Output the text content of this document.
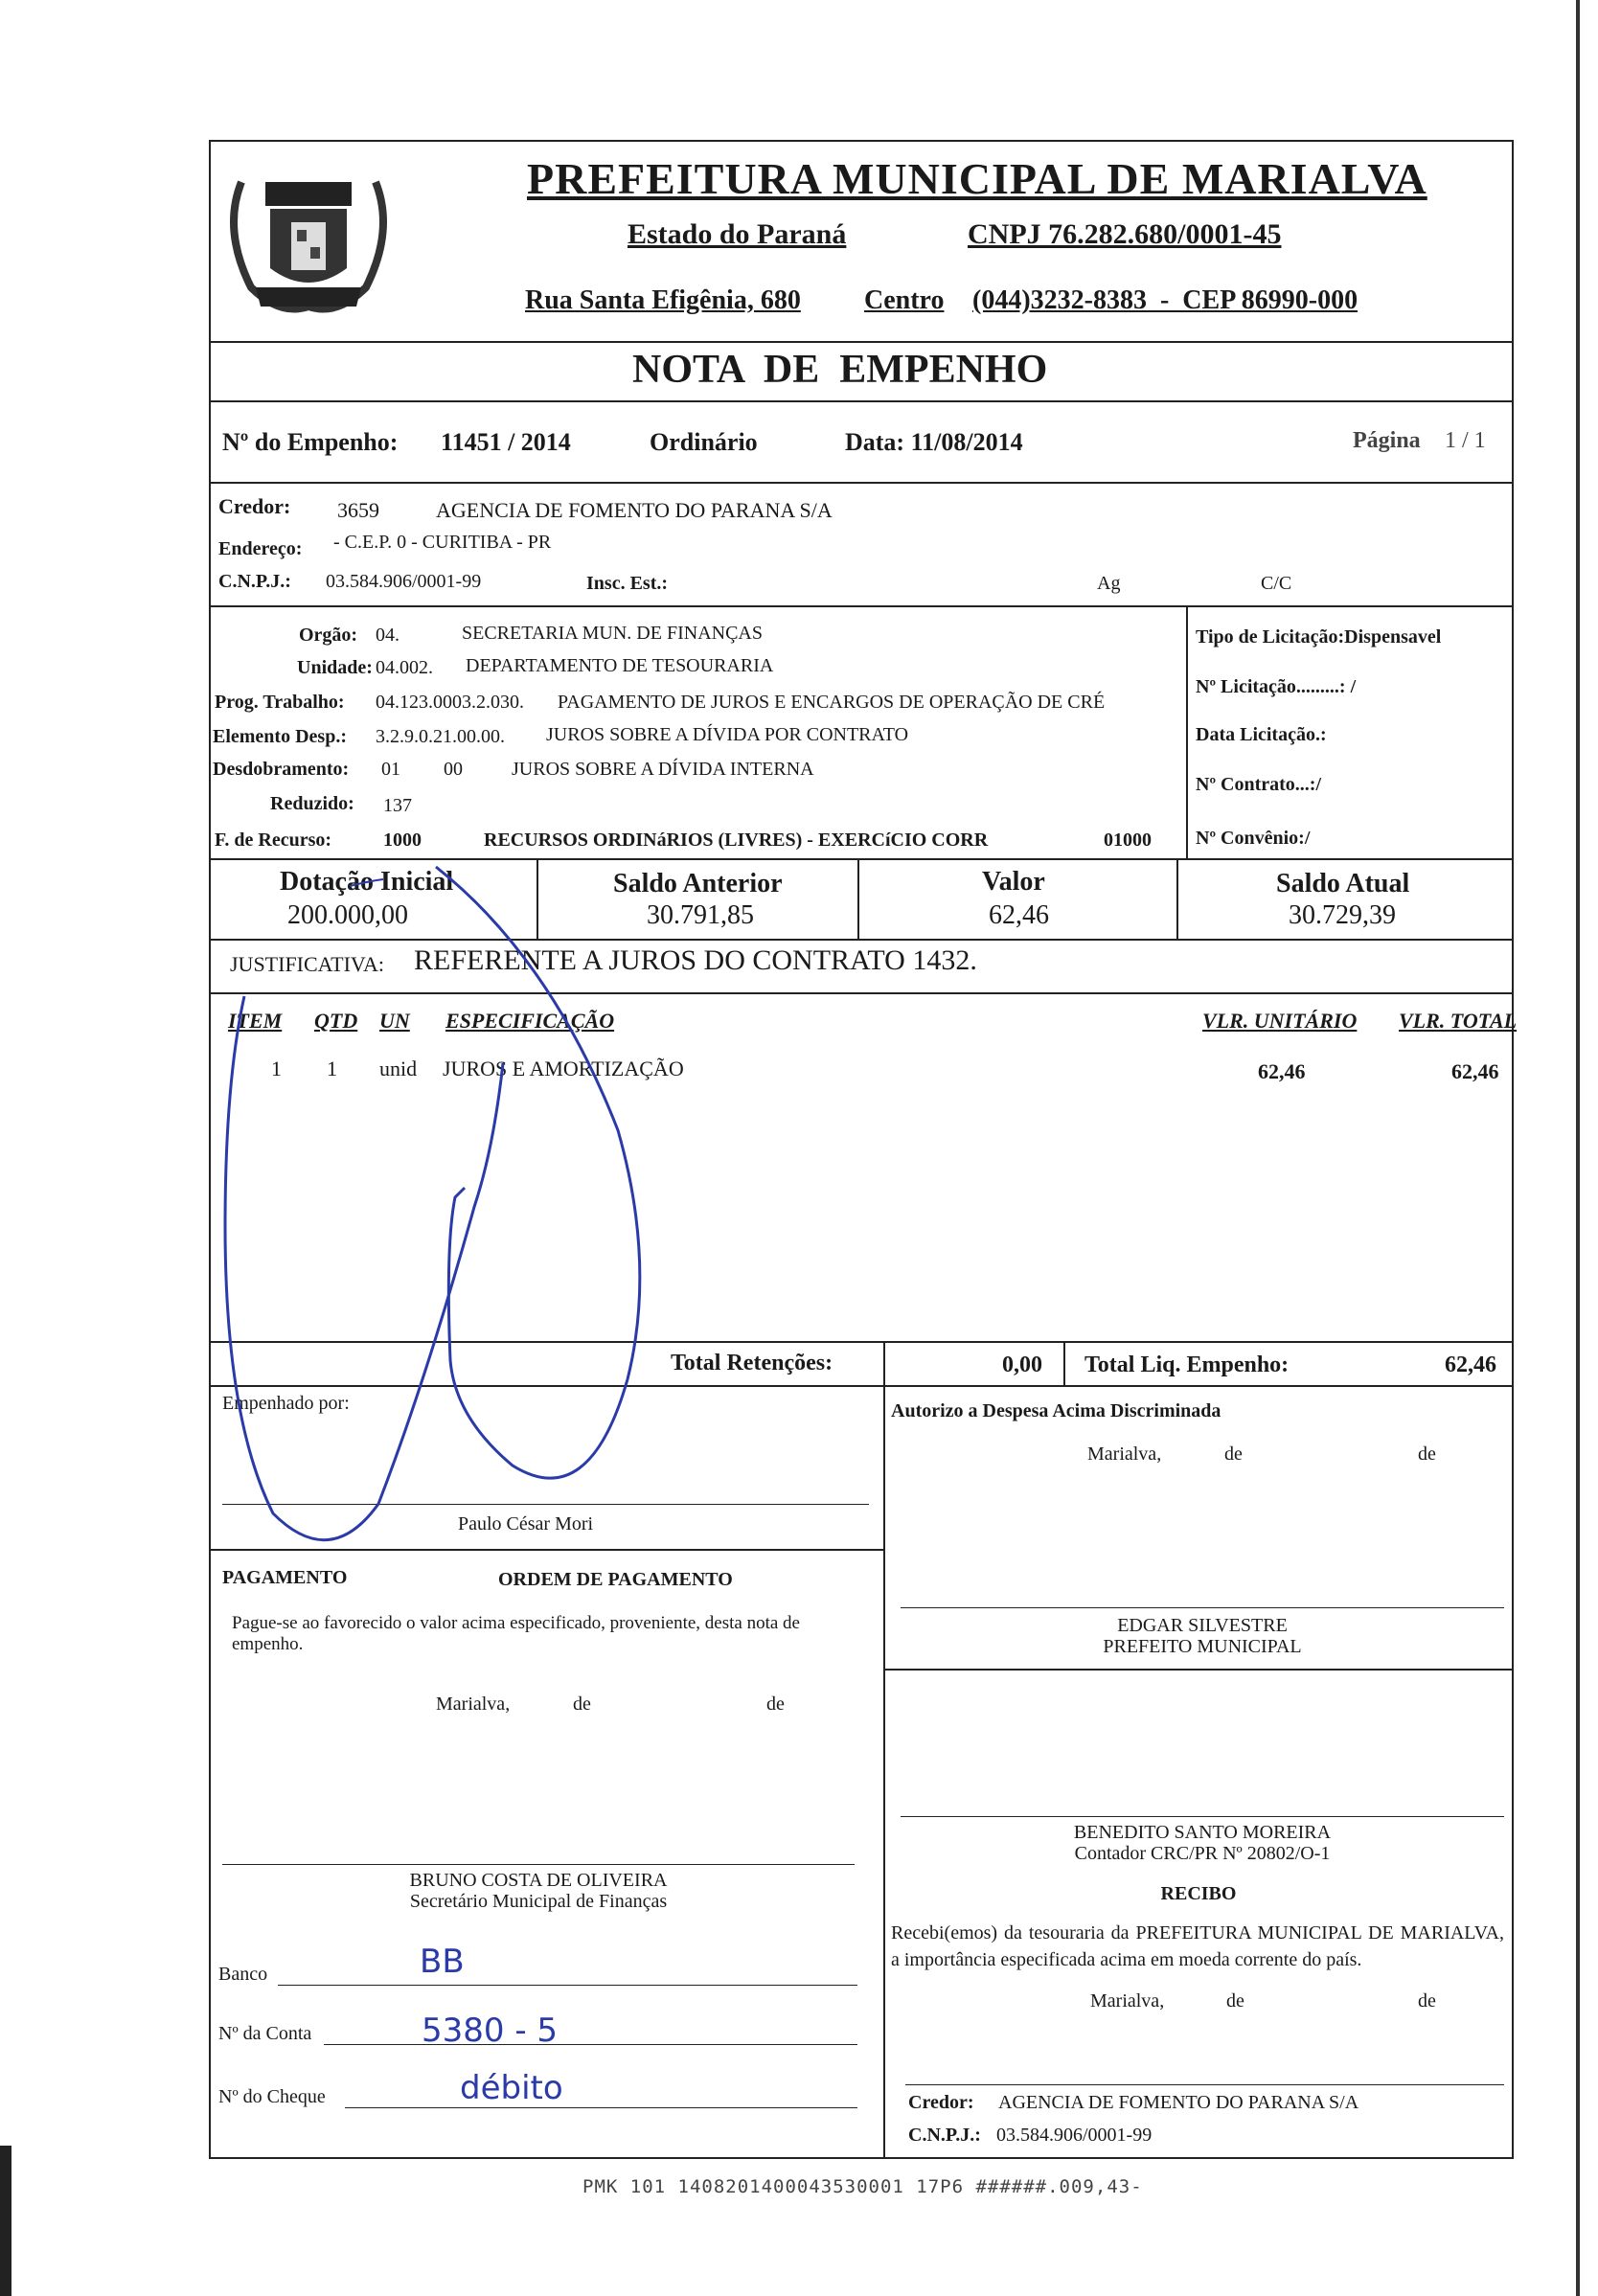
PREFEITURA MUNICIPAL DE MARIALVA
Estado do Paraná	CNPJ 76.282.680/0001-45
Rua Santa Efigênia, 680 Centro (044)3232-8383  -  CEP 86990-000
NOTA  DE  EMPENHO
Nº do Empenho: 11451 / 2014	Ordinário	Data: 11/08/2014	Página 1 / 1
Credor: 3659	AGENCIA DE FOMENTO DO PARANA S/A
Endereço: - C.E.P. 0 - CURITIBA - PR
C.N.P.J.: 03.584.906/0001-99	Insc. Est.:	Ag	C/C
Orgão: 04.	SECRETARIA MUN. DE FINANÇAS
Unidade: 04.002. DEPARTAMENTO DE TESOURARIA
Prog. Trabalho: 04.123.0003.2.030. PAGAMENTO DE JUROS E ENCARGOS DE OPERAÇÃO DE CRÉ
Elemento Desp.: 3.2.9.0.21.00.00. JUROS SOBRE A DÍVIDA POR CONTRATO
Desdobramento: 01 00	JUROS SOBRE A DÍVIDA INTERNA
Reduzido: 137
F. de Recurso:	1000	RECURSOS ORDINáRIOS (LIVRES) - EXERCíCIO CORR	01000
Tipo de Licitação:Dispensavel
Nº Licitação.........: /
Data Licitação.:
Nº Contrato...:/
Nº Convênio:/
Dotação Inicial
200.000,00
Saldo Anterior
30.791,85
Valor
62,46
Saldo Atual
30.729,39
JUSTIFICATIVA: REFERENTE A JUROS DO CONTRATO 1432.
ITEM QTD UN ESPECIFICAÇÃO	VLR. UNITÁRIO VLR. TOTAL
1 1 unid JUROS E AMORTIZAÇÃO	62,46	62,46
Total Retenções:	0,00 Total Liq. Empenho:	62,46
Empenhado por:
Paulo César Mori
Autorizo a Despesa Acima Discriminada
Marialva,	de	de
PAGAMENTO	ORDEM DE PAGAMENTO
Pague-se ao favorecido o valor acima especificado, proveniente, desta nota de empenho.
Marialva,	de	de
EDGAR SILVESTRE
PREFEITO MUNICIPAL
BENEDITO SANTO MOREIRA
Contador CRC/PR Nº 20802/O-1
BRUNO COSTA DE OLIVEIRA
Secretário Municipal de Finanças	RECIBO
Recebi(emos) da tesouraria da PREFEITURA MUNICIPAL DE MARIALVA, a importância especificada acima em moeda corrente do país.
Marialva,	de	de
Credor: AGENCIA DE FOMENTO DO PARANA S/A
C.N.P.J.: 03.584.906/0001-99
Banco	BB
Nº da Conta	5380 - 5
Nº do Cheque	débito
PMK 101 1408201400043530001 17P6 ######.009,43-
